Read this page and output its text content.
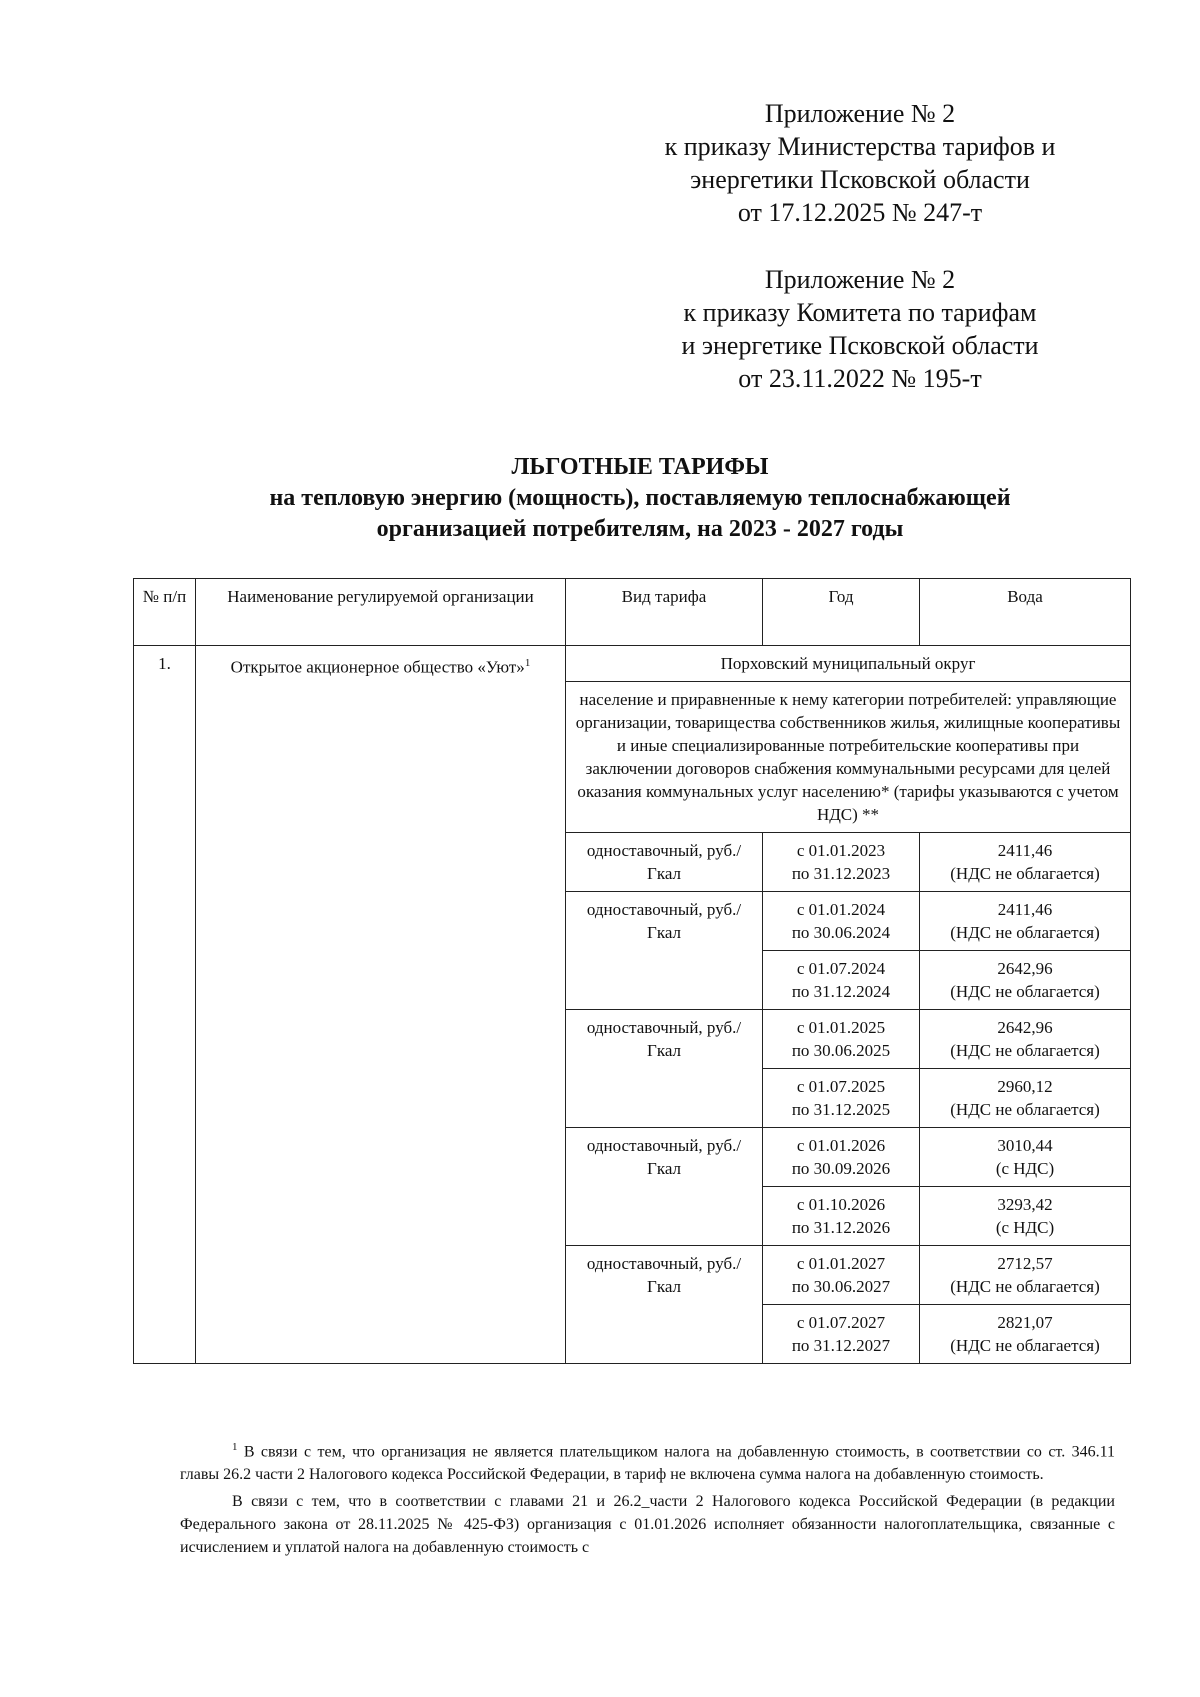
Приложение № 2
к приказу Министерства тарифов и
энергетики Псковской области
от 17.12.2025 № 247-т
Приложение № 2
к приказу Комитета по тарифам
и энергетике Псковской области
от 23.11.2022 № 195-т
ЛЬГОТНЫЕ ТАРИФЫ
на тепловую энергию (мощность), поставляемую теплоснабжающей
организацией потребителям, на 2023 - 2027 годы
№ п/п	Наименование регулируемой организации	Вид тарифа	Год	Вода
1.	Открытое акционерное общество «Уют»$^1$	Порховский муниципальный округ		
		население и приравненные к нему категории потребителей: управляющие организации, товарищества собственников жилья, жилищные кооперативы и иные специализированные потребительские кооперативы при заключении договоров снабжения коммунальными ресурсами для целей оказания коммунальных услуг населению* (тарифы указываются с учетом НДС) **		
		одноставочный, руб./Гкал	с 01.01.2023
по 31.12.2023	2411,46
(НДС не облагается)

		одноставочный, руб./Гкал	с 01.01.2024
по 30.06.2024	2411,46
(НДС не облагается)

			с 01.07.2024
по 31.12.2024	2642,96
(НДС не облагается)

		одноставочный, руб./Гкал	с 01.01.2025
по 30.06.2025	2642,96
(НДС не облагается)

			с 01.07.2025
по 31.12.2025	2960,12
(НДС не облагается)

		одноставочный, руб./Гкал	с 01.01.2026
по 30.09.2026	3010,44
(с НДС)

			с 01.10.2026
по 31.12.2026	3293,42
(с НДС)

		одноставочный, руб./Гкал	с 01.01.2027
по 30.06.2027	2712,57
(НДС не облагается)

			с 01.07.2027
по 31.12.2027	2821,07
(НДС не облагается)

$^1$ В связи с тем, что организация не является плательщиком налога на добавленную стоимость, в соответствии со ст. 346.11 главы 26.2 части 2 Налогового кодекса Российской Федерации, в тариф не включена сумма налога на добавленную стоимость.

В связи с тем, что в соответствии с главами 21 и 26.2_части 2 Налогового кодекса Российской Федерации (в редакции Федерального закона от 28.11.2025 № 425-ФЗ) организация с 01.01.2026 исполняет обязанности налогоплательщика, связанные с исчислением и уплатой налога на добавленную стоимость с
